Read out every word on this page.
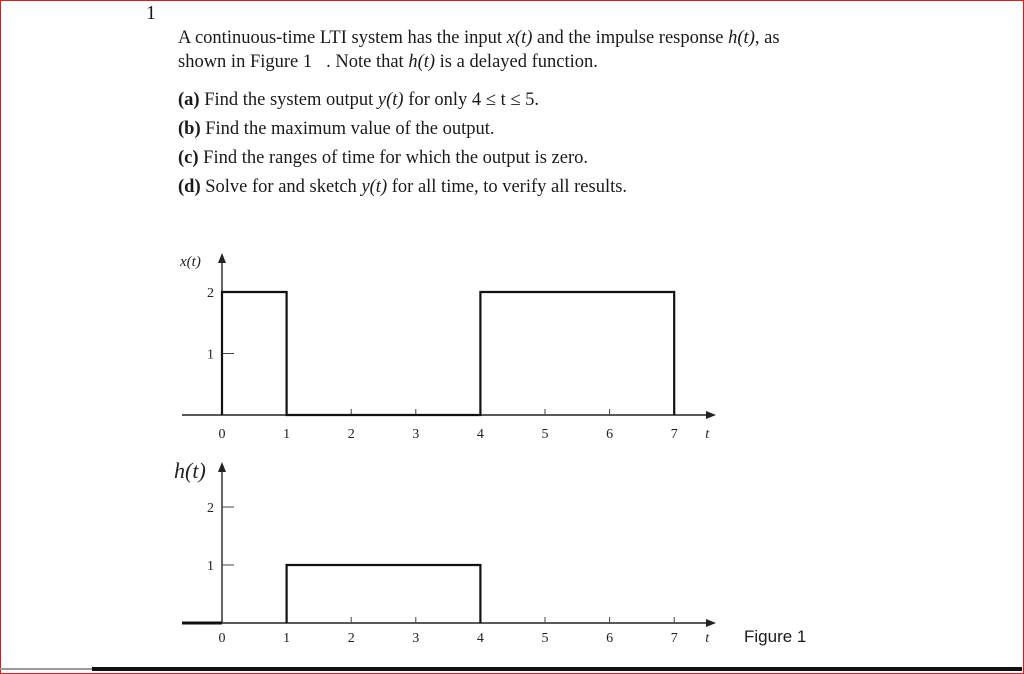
1
A continuous-time LTI system has the input x(t) and the impulse response h(t), as
shown in Figure 1 . Note that h(t) is a delayed function.
(a) Find the system output y(t) for only 4 ≤ t ≤ 5.
(b) Find the maximum value of the output.
(c) Find the ranges of time for which the output is zero.
(d) Solve for and sketch y(t) for all time, to verify all results.
0	1	2	3	4	5	6	7 t
1
2
x(t)
0	1	2	3	4	5	6	7 t
1
2
h(t)
Figure 1
